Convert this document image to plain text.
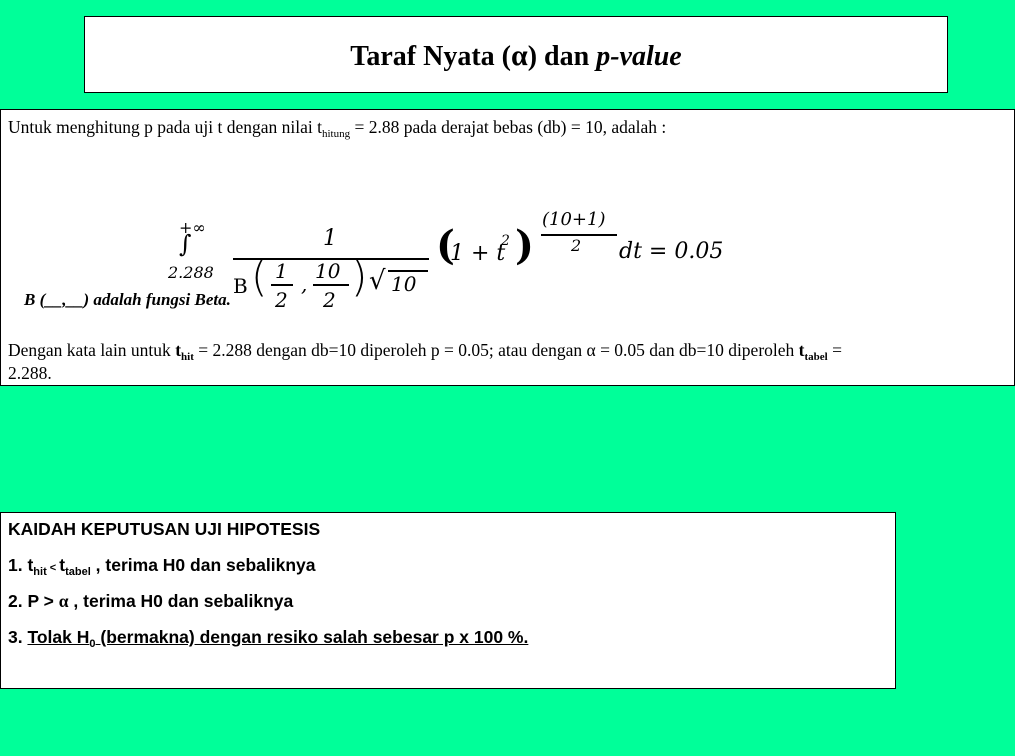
Taraf Nyata (α) dan p-value
Untuk menghitung p pada uji t dengan nilai $t_{hitung} = 2.88$ pada derajat bebas (db) = 10, adalah :
+∞
∫
2.288
1
B ( 1
2
,
10
2 ) √ 10
(
1 + t
2 )
(10+1)
2 dt = 0.05
B (__,__) adalah fungsi Beta.
Dengan kata lain untuk $t_{hit} = 2.288$ dengan db=10 diperoleh p = 0.05; atau dengan α = 0.05 dan db=10 diperoleh $t_{tabel}$ =
2.288.
KAIDAH KEPUTUSAN UJI HIPOTESIS
1. $t_{hit} < t_{tabel}$ , terima H0 dan sebaliknya
2. P > α , terima H0 dan sebaliknya
3. Tolak $H_0$ (bermakna) dengan resiko salah sebesar p x 100 %.
